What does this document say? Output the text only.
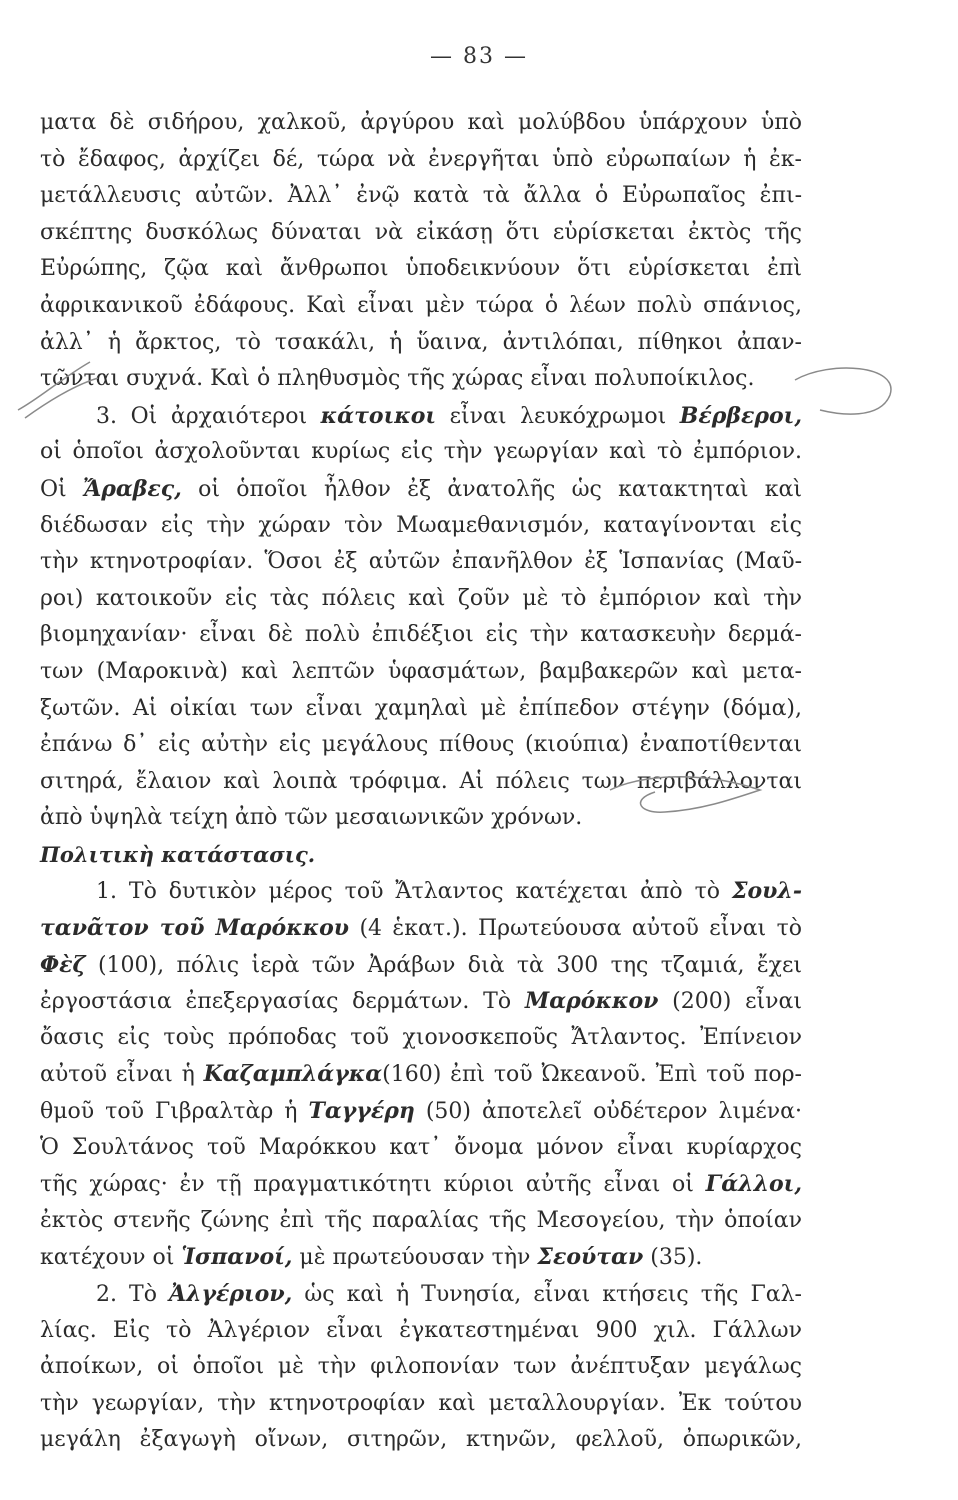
— 83 —
ματα δὲ σιδήρου, χαλκοῦ, ἀργύρου καὶ μολύβδου ὑπάρχουν ὑπὸ
τὸ ἔδαφος, ἀρχίζει δέ, τώρα νὰ ἐνεργῆται ὑπὸ εὐρωπαίων ἡ ἐκ-
μετάλλευσις αὐτῶν. Ἀλλ᾿ ἐνῷ κατὰ τὰ ἄλλα ὁ Εὐρωπαῖος ἐπι-
σκέπτης δυσκόλως δύναται νὰ εἰκάσῃ ὅτι εὑρίσκεται ἐκτὸς τῆς
Εὐρώπης, ζῷα καὶ ἄνθρωποι ὑποδεικνύουν ὅτι εὑρίσκεται ἐπὶ
ἀφρικανικοῦ ἐδάφους. Καὶ εἶναι μὲν τώρα ὁ λέων πολὺ σπάνιος,
ἀλλ᾿ ἡ ἄρκτος, τὸ τσακάλι, ἡ ὕαινα, ἀντιλόπαι, πίθηκοι ἀπαν-
τῶνται συχνά. Καὶ ὁ πληθυσμὸς τῆς χώρας εἶναι πολυποίκιλος.
3. Οἱ ἀρχαιότεροι κάτοικοι εἶναι λευκόχρωμοι Βέρβεροι,
οἱ ὁποῖοι ἀσχολοῦνται κυρίως εἰς τὴν γεωργίαν καὶ τὸ ἐμπόριον.
Οἱ Ἄραβες, οἱ ὁποῖοι ἦλθον ἐξ ἀνατολῆς ὡς κατακτηταὶ καὶ
διέδωσαν εἰς τὴν χώραν τὸν Μωαμεθανισμόν, καταγίνονται εἰς
τὴν κτηνοτροφίαν. Ὅσοι ἐξ αὐτῶν ἐπανῆλθον ἐξ Ἱσπανίας (Μαῦ-
ροι) κατοικοῦν εἰς τὰς πόλεις καὶ ζοῦν μὲ τὸ ἐμπόριον καὶ τὴν
βιομηχανίαν· εἶναι δὲ πολὺ ἐπιδέξιοι εἰς τὴν κατασκευὴν δερμά-
των (Μαροκινὰ) καὶ λεπτῶν ὑφασμάτων, βαμβακερῶν καὶ μετα-
ξωτῶν. Αἱ οἰκίαι των εἶναι χαμηλαὶ μὲ ἐπίπεδον στέγην (δόμα),
ἐπάνω δ᾿ εἰς αὐτὴν εἰς μεγάλους πίθους (κιούπια) ἐναποτίθενται
σιτηρά, ἔλαιον καὶ λοιπὰ τρόφιμα. Αἱ πόλεις των περιβάλλονται
ἀπὸ ὑψηλὰ τείχη ἀπὸ τῶν μεσαιωνικῶν χρόνων.
Πολιτικὴ κατάστασις.
1. Τὸ δυτικὸν μέρος τοῦ Ἄτλαντος κατέχεται ἀπὸ τὸ Σουλ-
τανᾶτον τοῦ Μαρόκκου (4 ἑκατ.). Πρωτεύουσα αὐτοῦ εἶναι τὸ
Φὲζ (100), πόλις ἱερὰ τῶν Ἀράβων διὰ τὰ 300 της τζαμιά, ἔχει
ἐργοστάσια ἐπεξεργασίας δερμάτων. Τὸ Μαρόκκον (200) εἶναι
ὄασις εἰς τοὺς πρόποδας τοῦ χιονοσκεποῦς Ἄτλαντος. Ἐπίνειον
αὐτοῦ εἶναι ἡ Καζαμπλάγκα(160) ἐπὶ τοῦ Ὠκεανοῦ. Ἐπὶ τοῦ πορ-
θμοῦ τοῦ Γιβραλτὰρ ἡ Ταγγέρη (50) ἀποτελεῖ οὐδέτερον λιμένα·
Ὁ Σουλτάνος τοῦ Μαρόκκου κατ᾿ ὄνομα μόνον εἶναι κυρίαρχος
τῆς χώρας· ἐν τῇ πραγματικότητι κύριοι αὐτῆς εἶναι οἱ Γάλλοι,
ἐκτὸς στενῆς ζώνης ἐπὶ τῆς παραλίας τῆς Μεσογείου, τὴν ὁποίαν
κατέχουν οἱ Ἱσπανοί, μὲ πρωτεύουσαν τὴν Σεούταν (35).
2. Τὸ Ἀλγέριον, ὡς καὶ ἡ Τυνησία, εἶναι κτήσεις τῆς Γαλ-
λίας. Εἰς τὸ Ἀλγέριον εἶναι ἐγκατεστημέναι 900 χιλ. Γάλλων
ἀποίκων, οἱ ὁποῖοι μὲ τὴν φιλοπονίαν των ἀνέπτυξαν μεγάλως
τὴν γεωργίαν, τὴν κτηνοτροφίαν καὶ μεταλλουργίαν. Ἐκ τούτου
μεγάλη ἐξαγωγὴ οἴνων, σιτηρῶν, κτηνῶν, φελλοῦ, ὀπωρικῶν,
